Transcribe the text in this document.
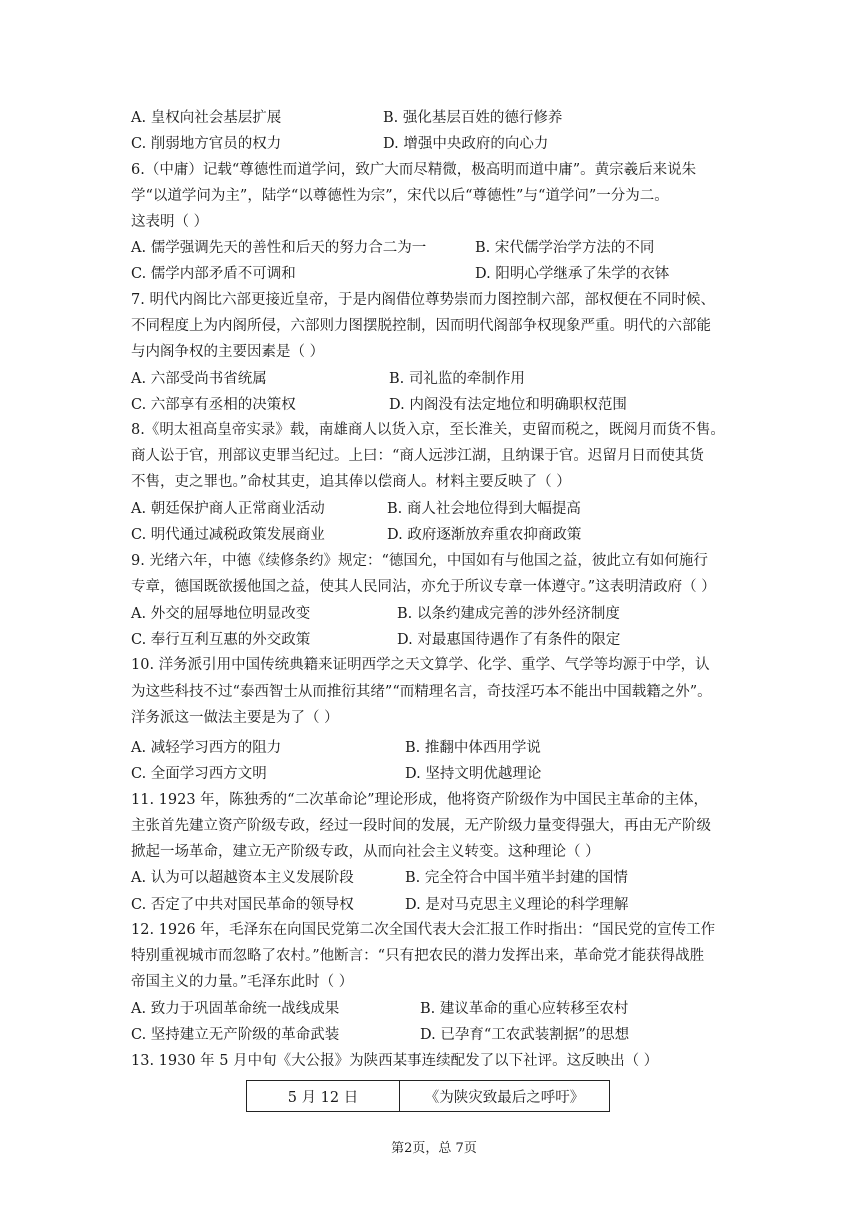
A. 皇权向社会基层扩展	B. 强化基层百姓的德行修养
C. 削弱地方官员的权力	D. 增强中央政府的向心力
6.（中庸）记载“尊德性而道学问，致广大而尽精微，极高明而道中庸”。黄宗羲后来说朱
学“以道学问为主”，陆学“以尊德性为宗”，宋代以后“尊德性”与“道学问”一分为二。
这表明（ ）
A. 儒学强调先天的善性和后天的努力合二为一	B. 宋代儒学治学方法的不同
C. 儒学内部矛盾不可调和	D. 阳明心学继承了朱学的衣钵
7. 明代内阁比六部更接近皇帝，于是内阁借位尊势崇而力图控制六部，部权便在不同时候、
不同程度上为内阁所侵，六部则力图摆脱控制，因而明代阁部争权现象严重。明代的六部能
与内阁争权的主要因素是（ ）
A. 六部受尚书省统属	B. 司礼监的牵制作用
C. 六部享有丞相的决策权	D. 内阁没有法定地位和明确职权范围
8.《明太祖高皇帝实录》载，南雄商人以货入京，至长淮关，吏留而税之，既阅月而货不售。
商人讼于官，刑部议吏罪当纪过。上曰：“商人远涉江湖，且纳课于官。迟留月日而使其货
不售，吏之罪也。”命杖其吏，追其俸以偿商人。材料主要反映了（ ）
A. 朝廷保护商人正常商业活动	B. 商人社会地位得到大幅提高
C. 明代通过减税政策发展商业	D. 政府逐渐放弃重农抑商政策
9. 光绪六年，中德《续修条约》规定：“德国允，中国如有与他国之益，彼此立有如何施行
专章，德国既欲援他国之益，使其人民同沾，亦允于所议专章一体遵守。”这表明清政府（ ）
A. 外交的屈辱地位明显改变	B. 以条约建成完善的涉外经济制度
C. 奉行互利互惠的外交政策	D. 对最惠国待遇作了有条件的限定
10. 洋务派引用中国传统典籍来证明西学之天文算学、化学、重学、气学等均源于中学，认
为这些科技不过“泰西智士从而推衍其绪”“而精理名言，奇技淫巧本不能出中国载籍之外”。
洋务派这一做法主要是为了（ ）
A. 减轻学习西方的阻力	B. 推翻中体西用学说
C. 全面学习西方文明	D. 坚持文明优越理论
11. 1923 年，陈独秀的“二次革命论”理论形成，他将资产阶级作为中国民主革命的主体，
主张首先建立资产阶级专政，经过一段时间的发展，无产阶级力量变得强大，再由无产阶级
掀起一场革命，建立无产阶级专政，从而向社会主义转变。这种理论（ ）
A. 认为可以超越资本主义发展阶段	B. 完全符合中国半殖半封建的国情
C. 否定了中共对国民革命的领导权	D. 是对马克思主义理论的科学理解
12. 1926 年，毛泽东在向国民党第二次全国代表大会汇报工作时指出：“国民党的宣传工作
特别重视城市而忽略了农村。”他断言：“只有把农民的潜力发挥出来，革命党才能获得战胜
帝国主义的力量。”毛泽东此时（ ）
A. 致力于巩固革命统一战线成果	B. 建议革命的重心应转移至农村
C. 坚持建立无产阶级的革命武装	D. 已孕育“工农武装割据”的思想
13. 1930 年 5 月中旬《大公报》为陕西某事连续配发了以下社评。这反映出（ ）
5 月 12 日	《为陕灾致最后之呼吁》
第2页，总 7页
